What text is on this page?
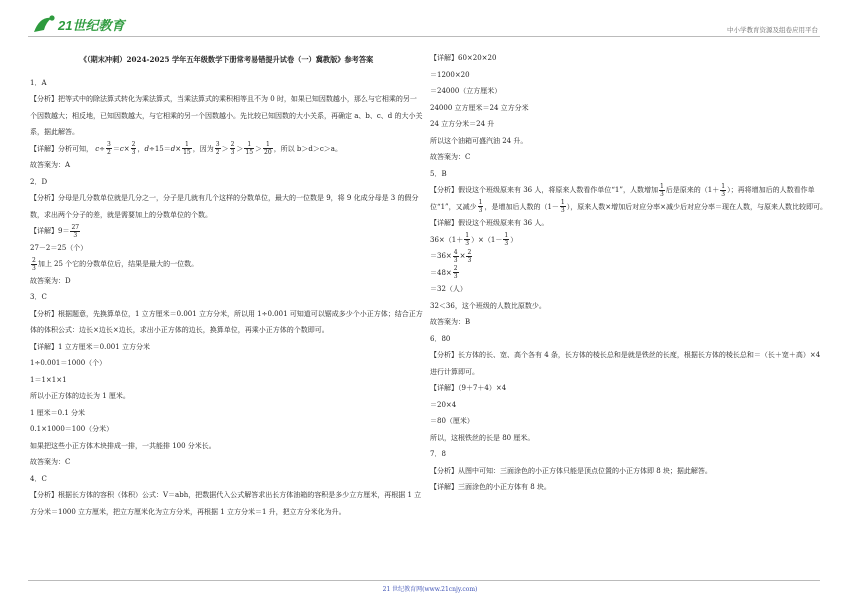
21世纪教育	中小学教育资源及组卷应用平台
《（期末冲刺）2024-2025 学年五年级数学下册常考易错提升试卷（一）冀教版》参考答案

1．A

【分析】把等式中的除法算式转化为乘法算式，当乘法算式的乘积相等且不为 0 时，如果已知因数越小，那么与它相乘的另一个因数越大；相反地，已知因数越大，与它相乘的另一个因数越小。先比较已知因数的大小关系，再确定 a、b、c、d 的大小关系，据此解答。

【详解】分析可知， $c\div \frac{3}{2} =c\times \frac{2}{3}$ ，$d\div 15=d\times \frac{1}{15}$ ，因为 $\frac{3}{2} > \frac{2}{3} > \frac{1}{15} > \frac{1}{20}$ ，所以 b＞d＞c＞a。

故答案为：A

2．D

【分析】分母是几分数单位就是几分之一，分子是几就有几个这样的分数单位，最大的一位数是 9，将 9 化成分母是 3 的假分数，求出两个分子的差，就是需要加上的分数单位的个数。

【详解】$9= \frac{27}{3}$

27－2＝25（个）

$\frac{2}{3}$ 加上 25 个它的分数单位后，结果是最大的一位数。

故答案为：D

3．C

【分析】根据题意，先换算单位，1 立方厘米＝0.001 立方分米，所以用 1÷0.001 可知道可以锯成多少个小正方体；结合正方体的体积公式：边长×边长×边长，求出小正方体的边长，换算单位，再乘小正方体的个数即可。

【详解】1 立方厘米＝0.001 立方分米

1÷0.001＝1000（个）

1＝1×1×1

所以小正方体的边长为 1 厘米。

1 厘米＝0.1 分米

0.1×1000＝100（分米）

如果把这些小正方体木块排成一排，一共能排 100 分米长。

故答案为：C

4．C

【分析】根据长方体的容积（体积）公式：V＝abh，把数据代入公式解答求出长方体油箱的容积是多少立方厘米，再根据 1 立方分米＝1000 立方厘米，把立方厘米化为立方分米，再根据 1 立方分米＝1 升，把立方分米化为升。

【详解】60×20×20

＝1200×20

＝24000（立方厘米）

24000 立方厘米＝24 立方分米

24 立方分米＝24 升

所以这个油箱可盛汽油 24 升。

故答案为：C

5．B

【分析】假设这个班级原来有 36 人，将原来人数看作单位“1”，人数增加 $\frac{1}{3}$ 后是原来的（$1+ \frac{1}{3}$ ）；再将增加后的人数看作单位“1”，又减少 $\frac{1}{3}$ ，是增加后人数的（$1- \frac{1}{3}$ ），原来人数×增加后对应分率×减少后对应分率＝现在人数，与原来人数比较即可。

【详解】假设这个班级原来有 36 人。

$36\times(1+ \frac{1}{3} )\times(1- \frac{1}{3}$ ）

$=36\times \frac{4}{3} \times \frac{2}{3}$

$=48\times \frac{2}{3}$

＝32（人）

32＜36，这个班级的人数比原数少。

故答案为：B

6．80

【分析】长方体的长、宽、高个各有 4 条，长方体的棱长总和是就是铁丝的长度，根据长方体的棱长总和＝（长＋宽＋高）×4 进行计算即可。

【详解】（9＋7＋4）×4

＝20×4

＝80（厘米）

所以，这根铁丝的长是 80 厘米。

7．8

【分析】从图中可知：三面涂色的小正方体只能是顶点位置的小正方体即 8 块；据此解答。

【详解】三面涂色的小正方体有 8 块。

21 世纪教育网(www.21cnjy.com)
